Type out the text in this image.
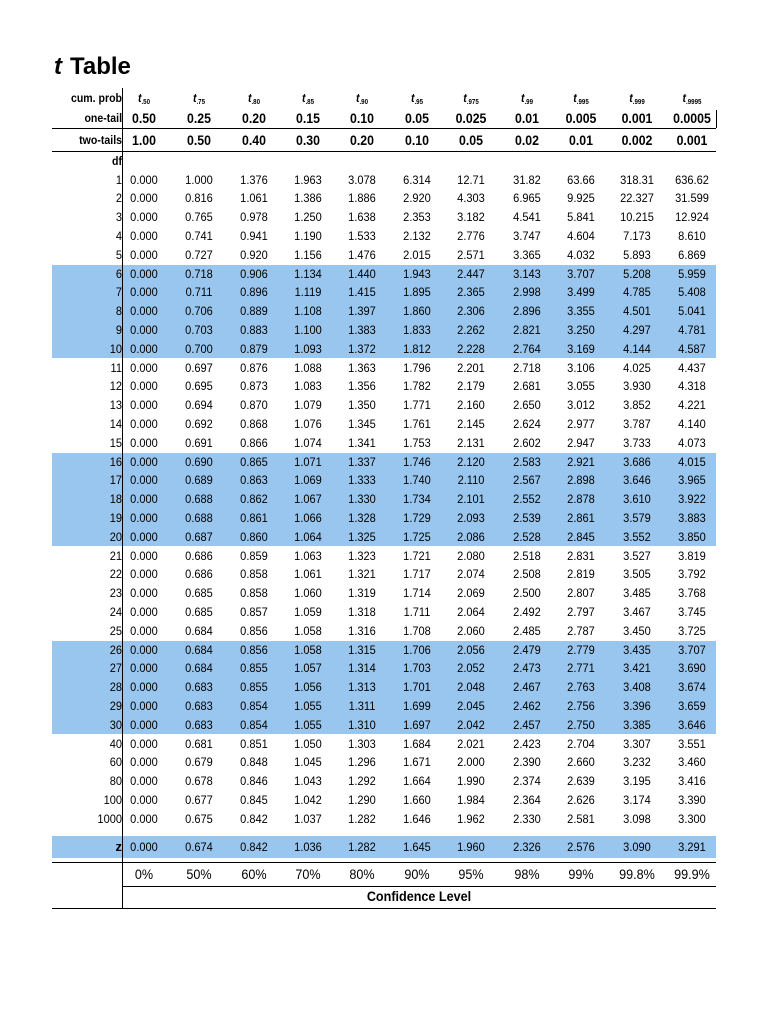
t Table
cum. prob	t.50	t.75	t.80	t.85	t.90	t.95	t.975	t.99	t.995	t.999	t.9995
one-tail 0.50	0.25	0.20	0.15	0.10	0.05	0.025	0.01	0.005	0.001	0.0005
two-tails 1.00	0.50	0.40	0.30	0.20	0.10	0.05	0.02	0.01	0.002	0.001
df
1 0.000	1.000	1.376	1.963	3.078	6.314	12.71	31.82	63.66	318.31	636.62
2 0.000	0.816	1.061	1.386	1.886	2.920	4.303	6.965	9.925	22.327	31.599
3 0.000	0.765	0.978	1.250	1.638	2.353	3.182	4.541	5.841	10.215	12.924
4 0.000	0.741	0.941	1.190	1.533	2.132	2.776	3.747	4.604	7.173	8.610
5 0.000	0.727	0.920	1.156	1.476	2.015	2.571	3.365	4.032	5.893	6.869
6 0.000	0.718	0.906	1.134	1.440	1.943	2.447	3.143	3.707	5.208	5.959
7 0.000	0.711	0.896	1.119	1.415	1.895	2.365	2.998	3.499	4.785	5.408
8 0.000	0.706	0.889	1.108	1.397	1.860	2.306	2.896	3.355	4.501	5.041
9 0.000	0.703	0.883	1.100	1.383	1.833	2.262	2.821	3.250	4.297	4.781
10 0.000	0.700	0.879	1.093	1.372	1.812	2.228	2.764	3.169	4.144	4.587
11 0.000	0.697	0.876	1.088	1.363	1.796	2.201	2.718	3.106	4.025	4.437
12 0.000	0.695	0.873	1.083	1.356	1.782	2.179	2.681	3.055	3.930	4.318
13 0.000	0.694	0.870	1.079	1.350	1.771	2.160	2.650	3.012	3.852	4.221
14 0.000	0.692	0.868	1.076	1.345	1.761	2.145	2.624	2.977	3.787	4.140
15 0.000	0.691	0.866	1.074	1.341	1.753	2.131	2.602	2.947	3.733	4.073
16 0.000	0.690	0.865	1.071	1.337	1.746	2.120	2.583	2.921	3.686	4.015
17 0.000	0.689	0.863	1.069	1.333	1.740	2.110	2.567	2.898	3.646	3.965
18 0.000	0.688	0.862	1.067	1.330	1.734	2.101	2.552	2.878	3.610	3.922
19 0.000	0.688	0.861	1.066	1.328	1.729	2.093	2.539	2.861	3.579	3.883
20 0.000	0.687	0.860	1.064	1.325	1.725	2.086	2.528	2.845	3.552	3.850
21 0.000	0.686	0.859	1.063	1.323	1.721	2.080	2.518	2.831	3.527	3.819
22 0.000	0.686	0.858	1.061	1.321	1.717	2.074	2.508	2.819	3.505	3.792
23 0.000	0.685	0.858	1.060	1.319	1.714	2.069	2.500	2.807	3.485	3.768
24 0.000	0.685	0.857	1.059	1.318	1.711	2.064	2.492	2.797	3.467	3.745
25 0.000	0.684	0.856	1.058	1.316	1.708	2.060	2.485	2.787	3.450	3.725
26 0.000	0.684	0.856	1.058	1.315	1.706	2.056	2.479	2.779	3.435	3.707
27 0.000	0.684	0.855	1.057	1.314	1.703	2.052	2.473	2.771	3.421	3.690
28 0.000	0.683	0.855	1.056	1.313	1.701	2.048	2.467	2.763	3.408	3.674
29 0.000	0.683	0.854	1.055	1.311	1.699	2.045	2.462	2.756	3.396	3.659
30 0.000	0.683	0.854	1.055	1.310	1.697	2.042	2.457	2.750	3.385	3.646
40 0.000	0.681	0.851	1.050	1.303	1.684	2.021	2.423	2.704	3.307	3.551
60 0.000	0.679	0.848	1.045	1.296	1.671	2.000	2.390	2.660	3.232	3.460
80 0.000	0.678	0.846	1.043	1.292	1.664	1.990	2.374	2.639	3.195	3.416
100 0.000	0.677	0.845	1.042	1.290	1.660	1.984	2.364	2.626	3.174	3.390
1000 0.000	0.675	0.842	1.037	1.282	1.646	1.962	2.330	2.581	3.098	3.300
z 0.000	0.674	0.842	1.036	1.282	1.645	1.960	2.326	2.576	3.090	3.291
0%	50%	60%	70%	80%	90%	95%	98%	99%	99.8%	99.9%
Confidence Level
